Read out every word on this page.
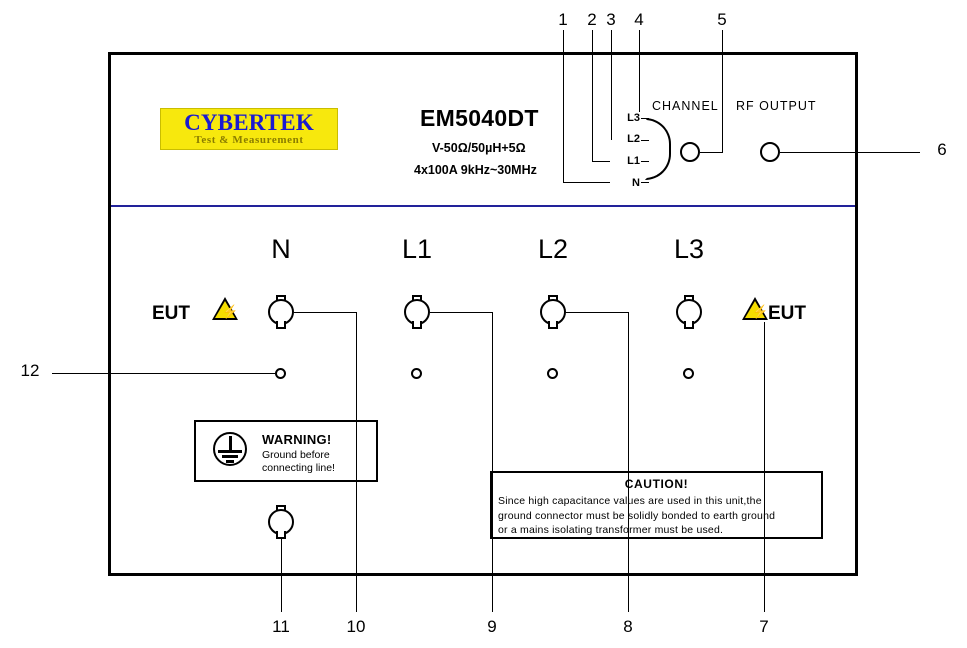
CYBERTEK
Test & Measurement
EM5040DT
V-50Ω/50µH+5Ω
4x100A 9kHz~30MHz
CHANNEL RF OUTPUT
L3
L2
L1
N
N	L1	L2	L3
EUT ⚡	⚡ EUT
WARNING!
Ground before
connecting line!
CAUTION!
Since high capacitance values are used in this unit,the
ground connector must be solidly bonded to earth ground
or a mains isolating transformer must be used.
1	2 3	4	5
6
7
8
9
10
11
12
